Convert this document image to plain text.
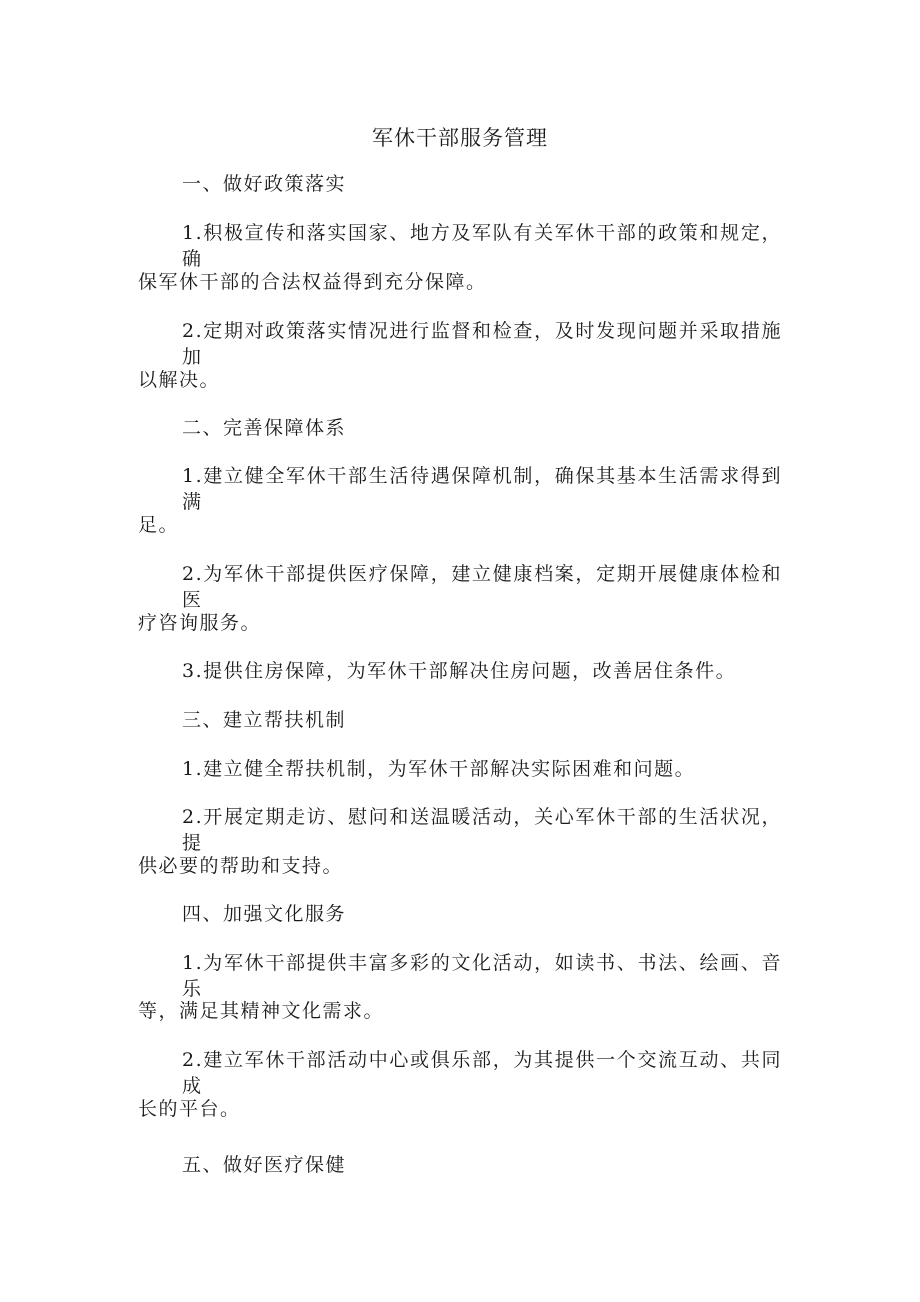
军休干部服务管理
一、做好政策落实
1.积极宣传和落实国家、地方及军队有关军休干部的政策和规定，确
保军休干部的合法权益得到充分保障。
2.定期对政策落实情况进行监督和检查，及时发现问题并采取措施加
以解决。
二、完善保障体系
1.建立健全军休干部生活待遇保障机制，确保其基本生活需求得到满
足。
2.为军休干部提供医疗保障，建立健康档案，定期开展健康体检和医
疗咨询服务。
3.提供住房保障，为军休干部解决住房问题，改善居住条件。
三、建立帮扶机制
1.建立健全帮扶机制，为军休干部解决实际困难和问题。
2.开展定期走访、慰问和送温暖活动，关心军休干部的生活状况，提
供必要的帮助和支持。
四、加强文化服务
1.为军休干部提供丰富多彩的文化活动，如读书、书法、绘画、音乐
等，满足其精神文化需求。
2.建立军休干部活动中心或俱乐部，为其提供一个交流互动、共同成
长的平台。
五、做好医疗保健
